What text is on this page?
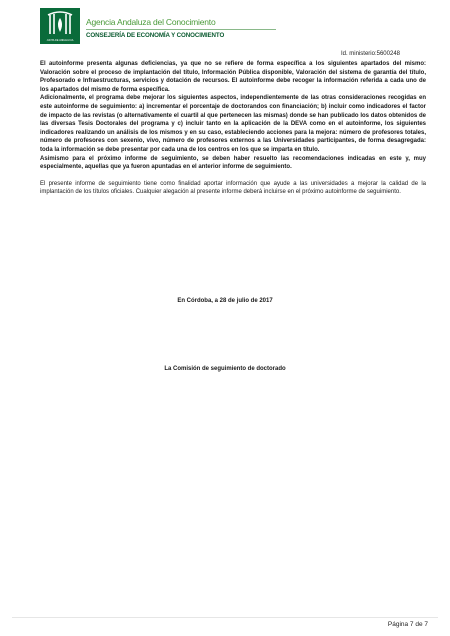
JUNTA DE ANDALUCIA
Agencia Andaluza del Conocimiento
CONSEJERÍA DE ECONOMÍA Y CONOCIMIENTO
Id. ministerio:5600248

El autoinforme presenta algunas deficiencias, ya que no se refiere de forma específica a los siguientes apartados del mismo: Valoración sobre el proceso de implantación del título, Información Pública disponible, Valoración del sistema de garantía del título, Profesorado e Infraestructuras, servicios y dotación de recursos. El autoinforme debe recoger la información referida a cada uno de los apartados del mismo de forma específica.

Adicionalmente, el programa debe mejorar los siguientes aspectos, independientemente de las otras consideraciones recogidas en este autoinforme de seguimiento: a) incrementar el porcentaje de doctorandos con financiación; b) incluir como indicadores el factor de impacto de las revistas (o alternativamente el cuartil al que pertenecen las mismas) donde se han publicado los datos obtenidos de las diversas Tesis Doctorales del programa y c) incluir tanto en la aplicación de la DEVA como en el autoinforme, los siguientes indicadores realizando un análisis de los mismos y en su caso, estableciendo acciones para la mejora: número de profesores totales, número de profesores con sexenio, vivo, número de profesores externos a las Universidades participantes, de forma desagregada: toda la información se debe presentar por cada una de los centros en los que se imparta en título.

Asimismo para el próximo informe de seguimiento, se deben haber resuelto las recomendaciones indicadas en este y, muy especialmente, aquellas que ya fueron apuntadas en el anterior informe de seguimiento.

El presente informe de seguimiento tiene como finalidad aportar información que ayude a las universidades a mejorar la calidad de la implantación de los títulos oficiales. Cualquier alegación al presente informe deberá incluirse en el próximo autoinforme de seguimiento.

En Córdoba, a 28 de julio de 2017
La Comisión de seguimiento de doctorado
Página 7 de 7
